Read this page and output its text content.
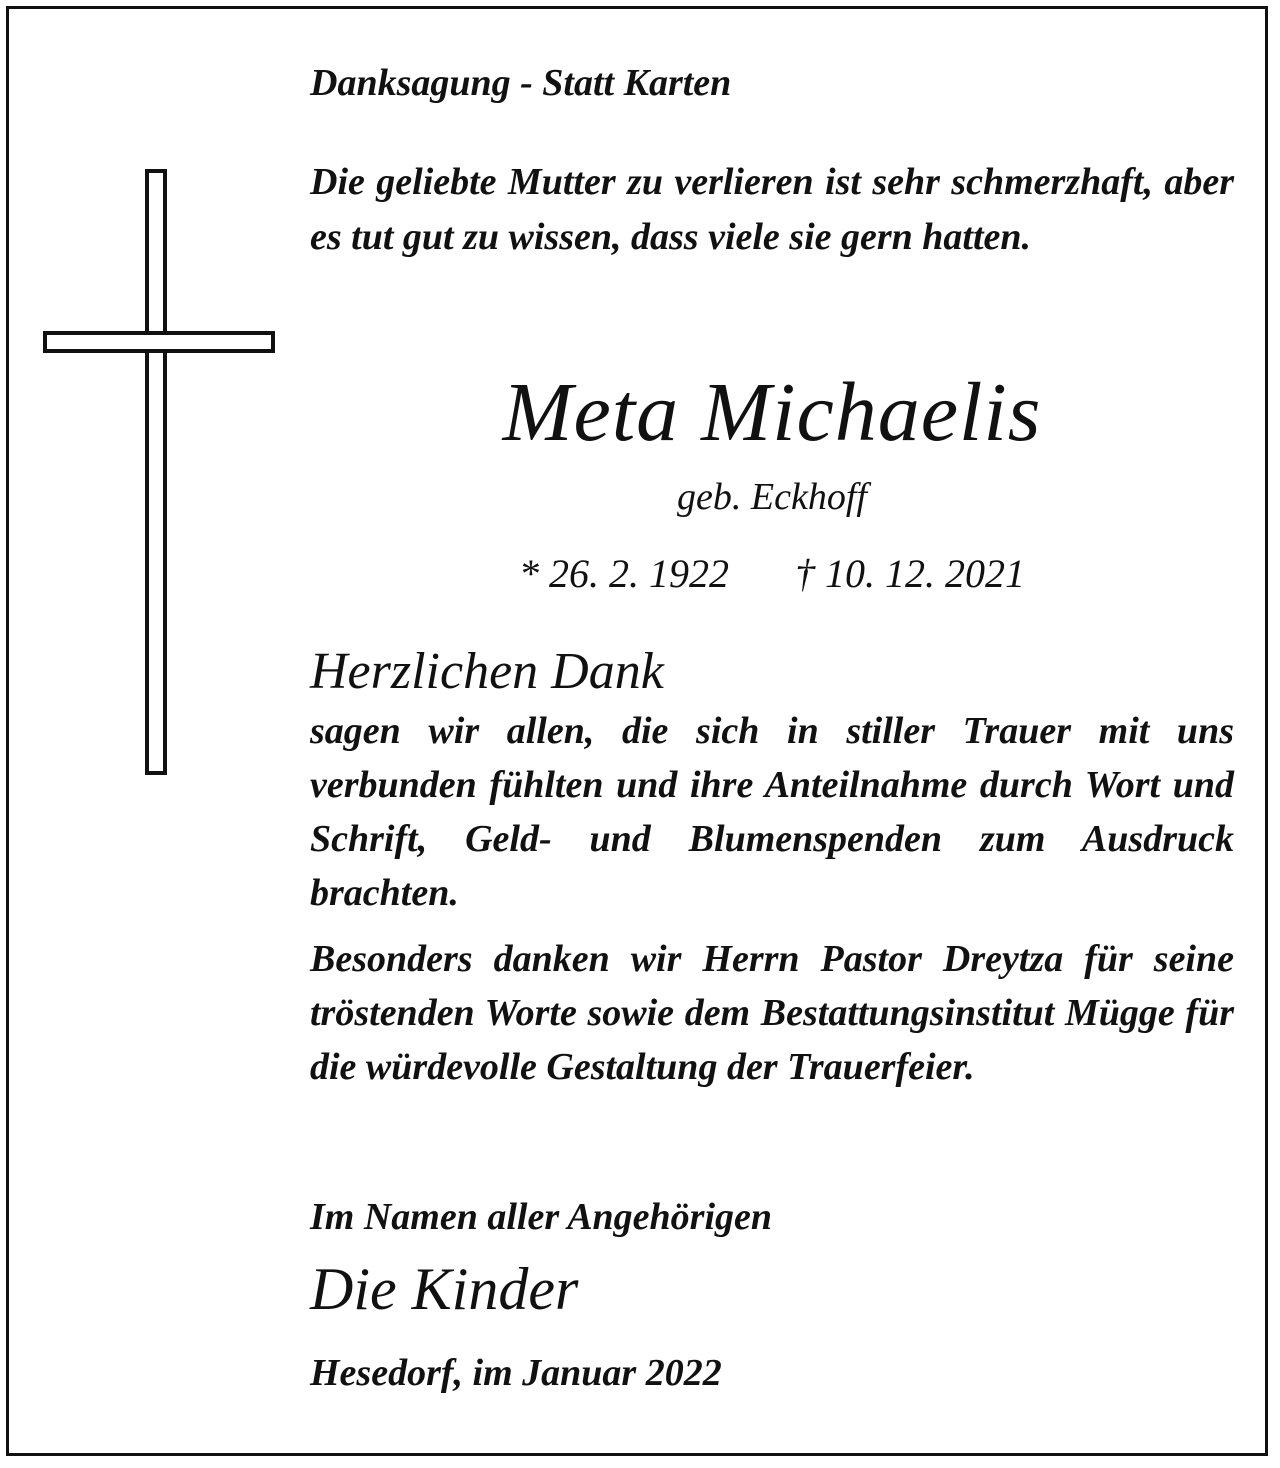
Danksagung - Statt Karten
Die geliebte Mutter zu verlieren ist sehr schmerzhaft, aber es tut gut zu wissen, dass viele sie gern hatten.
Meta Michaelis
geb. Eckhoff
* 26. 2. 1922 † 10. 12. 2021
Herzlichen Dank
sagen wir allen, die sich in stiller Trauer mit uns verbunden fühlten und ihre Anteilnahme durch Wort und Schrift, Geld- und Blumenspenden zum Ausdruck brachten.
Besonders danken wir Herrn Pastor Dreytza für seine tröstenden Worte sowie dem Bestattungsinstitut Mügge für die würdevolle Gestaltung der Trauerfeier.
Im Namen aller Angehörigen
Die Kinder
Hesedorf, im Januar 2022
